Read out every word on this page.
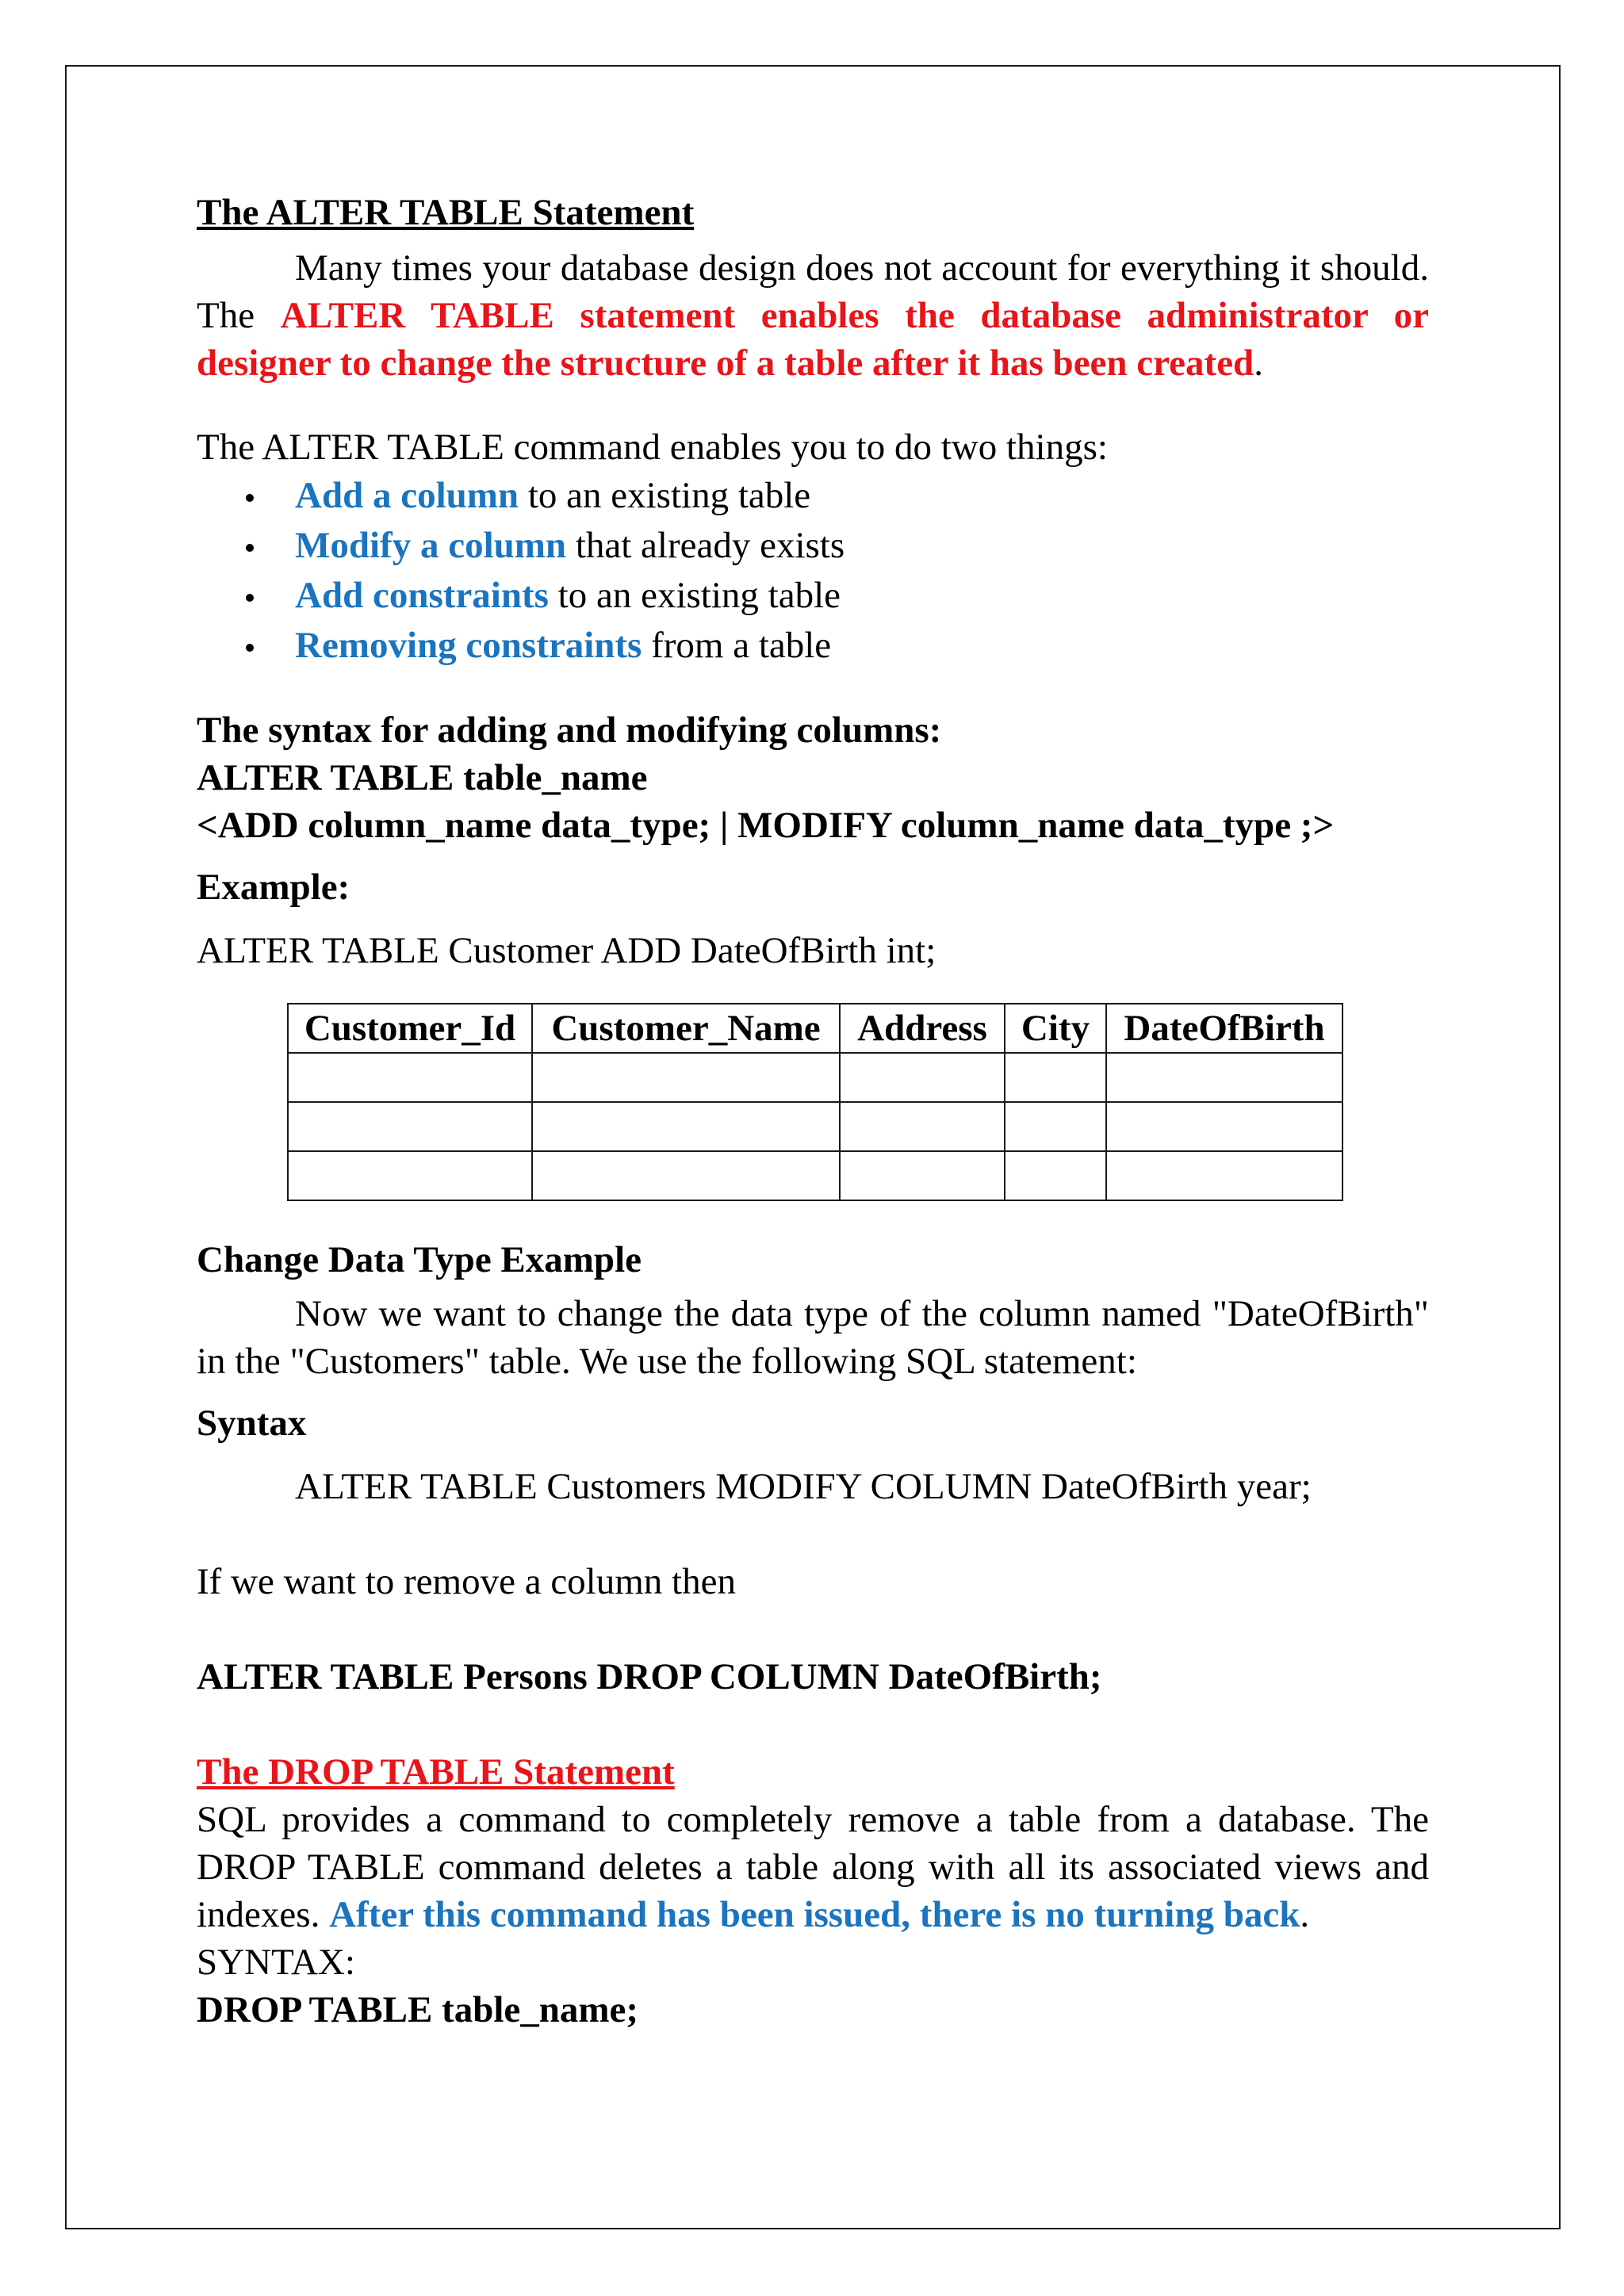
The ALTER TABLE Statement

Many times your database design does not account for everything it should. The ALTER TABLE statement enables the database administrator or designer to change the structure of a table after it has been created.

The ALTER TABLE command enables you to do two things:

Add a column to an existing table
Modify a column that already exists
Add constraints to an existing table
Removing constraints from a table
The syntax for adding and modifying columns:
ALTER TABLE table_name
<ADD column_name data_type; | MODIFY column_name data_type ;>
Example:
ALTER TABLE Customer ADD DateOfBirth int;
Customer_Id	Customer_Name	Address	City	DateOfBirth

Change Data Type Example

Now we want to change the data type of the column named "DateOfBirth" in the "Customers" table. We use the following SQL statement:

Syntax
ALTER TABLE Customers MODIFY COLUMN DateOfBirth year;
If we want to remove a column then
ALTER TABLE Persons DROP COLUMN DateOfBirth;
The DROP TABLE Statement

SQL provides a command to completely remove a table from a database. The DROP TABLE command deletes a table along with all its associated views and indexes. After this command has been issued, there is no turning back.

SYNTAX:
DROP TABLE table_name;
